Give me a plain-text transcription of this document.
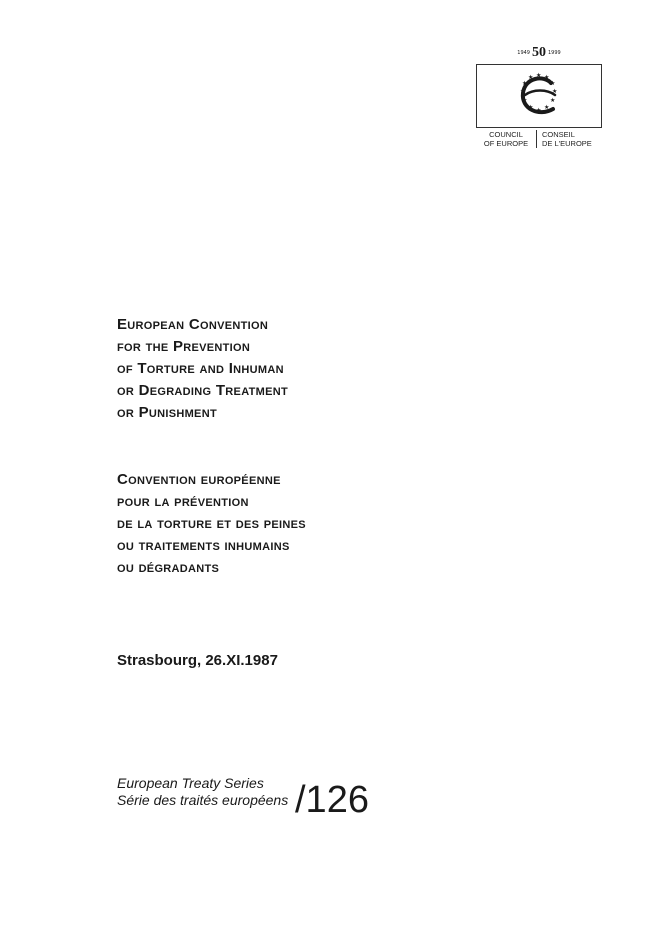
1949 50 1999
★ ★
★
★
★
★
★
★
★
★
★
★
COUNCIL
OF EUROPE
CONSEIL
DE L'EUROPE
European Convention
for the Prevention
of Torture and Inhuman
or Degrading Treatment
or Punishment
Convention européenne
pour la prévention
de la torture et des peines
ou traitements inhumains
ou dégradants
Strasbourg, 26.XI.1987
European Treaty Series
Série des traités européens /126
